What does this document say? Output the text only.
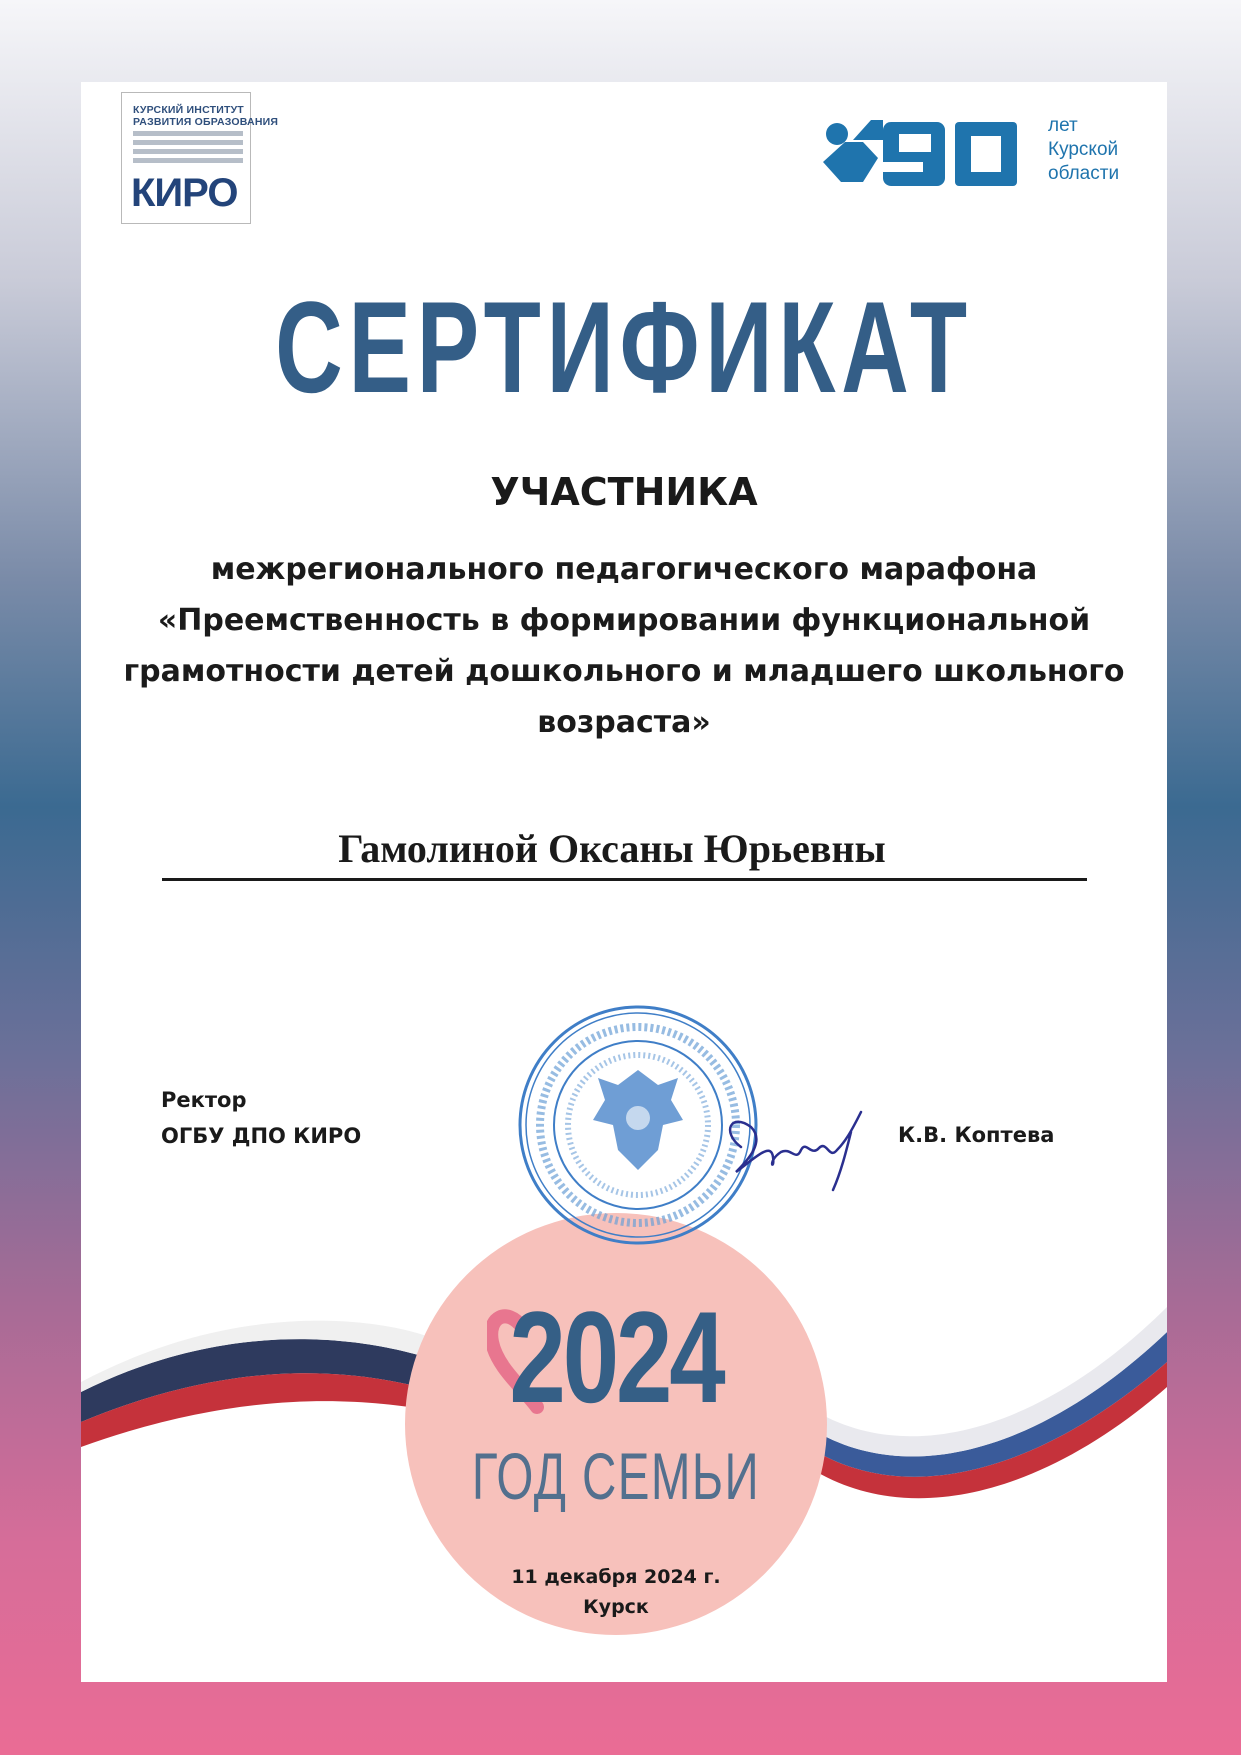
КУРСКИЙ ИНСТИТУТ
РАЗВИТИЯ ОБРАЗОВАНИЯ
КИРО
лет
Курской
области
СЕРТИФИКАТ
УЧАСТНИКА
межрегионального педагогического марафона
«Преемственность в формировании функциональной
грамотности детей дошкольного и младшего школьного
возраста»
Гамолиной Оксаны Юрьевны
2024
ГОД СЕМЬИ
Ректор
ОГБУ ДПО КИРО	К.В. Коптева
11 декабря 2024 г.
Курск
